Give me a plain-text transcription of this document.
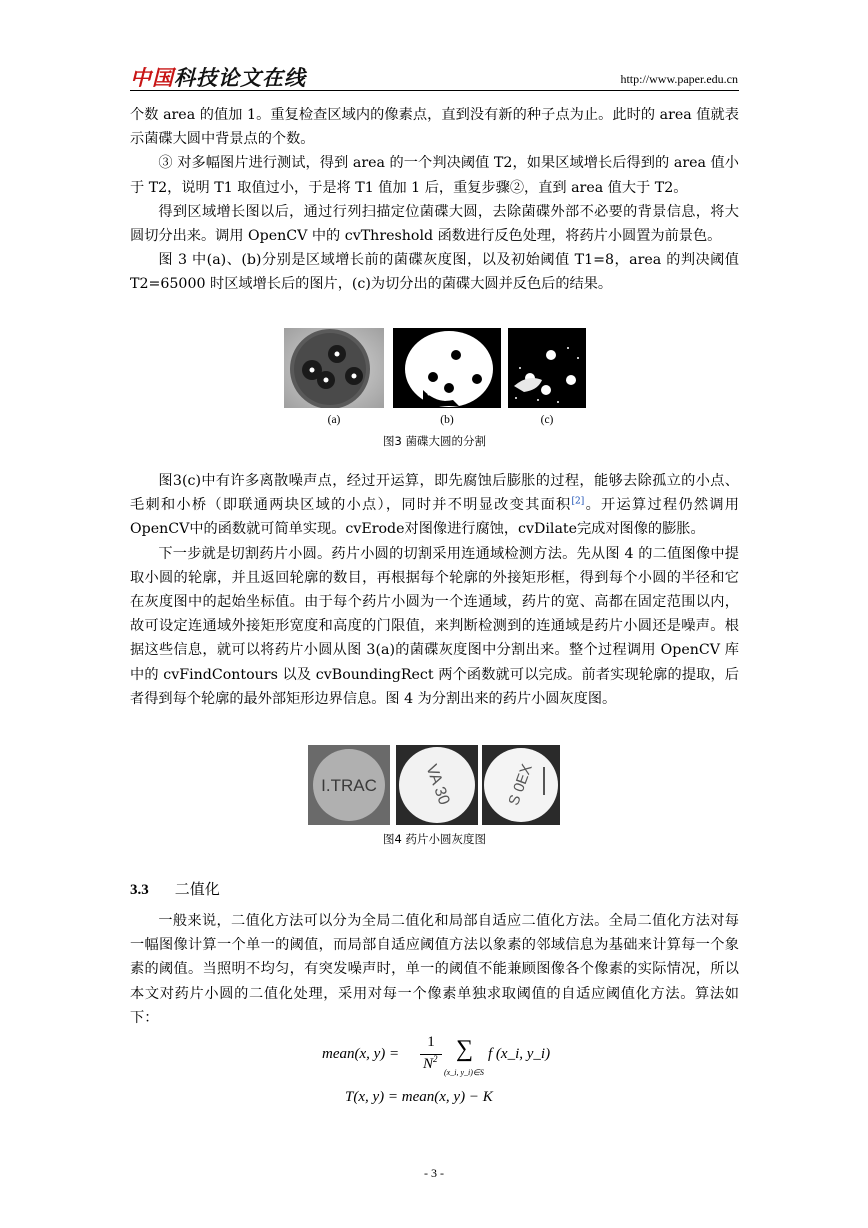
中国科技论文在线	http://www.paper.edu.cn

个数 area 的值加 1。重复检查区域内的像素点，直到没有新的种子点为止。此时的 area 值就表示菌碟大圆中背景点的个数。

③ 对多幅图片进行测试，得到 area 的一个判决阈值 T2，如果区域增长后得到的 area 值小于 T2，说明 T1 取值过小，于是将 T1 值加 1 后，重复步骤②，直到 area 值大于 T2。

得到区域增长图以后，通过行列扫描定位菌碟大圆，去除菌碟外部不必要的背景信息，将大圆切分出来。调用 OpenCV 中的 cvThreshold 函数进行反色处理，将药片小圆置为前景色。

图 3 中(a)、(b)分别是区域增长前的菌碟灰度图，以及初始阈值 T1=8，area 的判决阈值 T2=65000 时区域增长后的图片，(c)为切分出的菌碟大圆并反色后的结果。

(a)	(b)	(c)
图3 菌碟大圆的分割

图3(c)中有许多离散噪声点，经过开运算，即先腐蚀后膨胀的过程，能够去除孤立的小点、毛刺和小桥（即联通两块区域的小点），同时并不明显改变其面积[2]。开运算过程仍然调用OpenCV中的函数就可简单实现。cvErode对图像进行腐蚀，cvDilate完成对图像的膨胀。

下一步就是切割药片小圆。药片小圆的切割采用连通域检测方法。先从图 4 的二值图像中提取小圆的轮廓，并且返回轮廓的数目，再根据每个轮廓的外接矩形框，得到每个小圆的半径和它在灰度图中的起始坐标值。由于每个药片小圆为一个连通域，药片的宽、高都在固定范围以内，故可设定连通域外接矩形宽度和高度的门限值，来判断检测到的连通域是药片小圆还是噪声。根据这些信息，就可以将药片小圆从图 3(a)的菌碟灰度图中分割出来。整个过程调用 OpenCV 库中的 cvFindContours 以及 cvBoundingRect 两个函数就可以完成。前者实现轮廓的提取，后者得到每个轮廓的最外部矩形边界信息。图 4 为分割出来的药片小圆灰度图。

I.TRAC	VA 30	S 0EX
图4 药片小圆灰度图
3.3 二值化

一般来说，二值化方法可以分为全局二值化和局部自适应二值化方法。全局二值化方法对每一幅图像计算一个单一的阈值，而局部自适应阈值方法以象素的邻域信息为基础来计算每一个象素的阈值。当照明不均匀，有突发噪声时，单一的阈值不能兼顾图像各个像素的实际情况，所以本文对药片小圆的二值化处理，采用对每一个像素单独求取阈值的自适应阈值化方法。算法如下：

mean(x, y) =
1
$N^2$ ∑
(x_i, y_i)∈S
f (x_i, y_i)
T(x, y) = mean(x, y) − K
- 3 -
